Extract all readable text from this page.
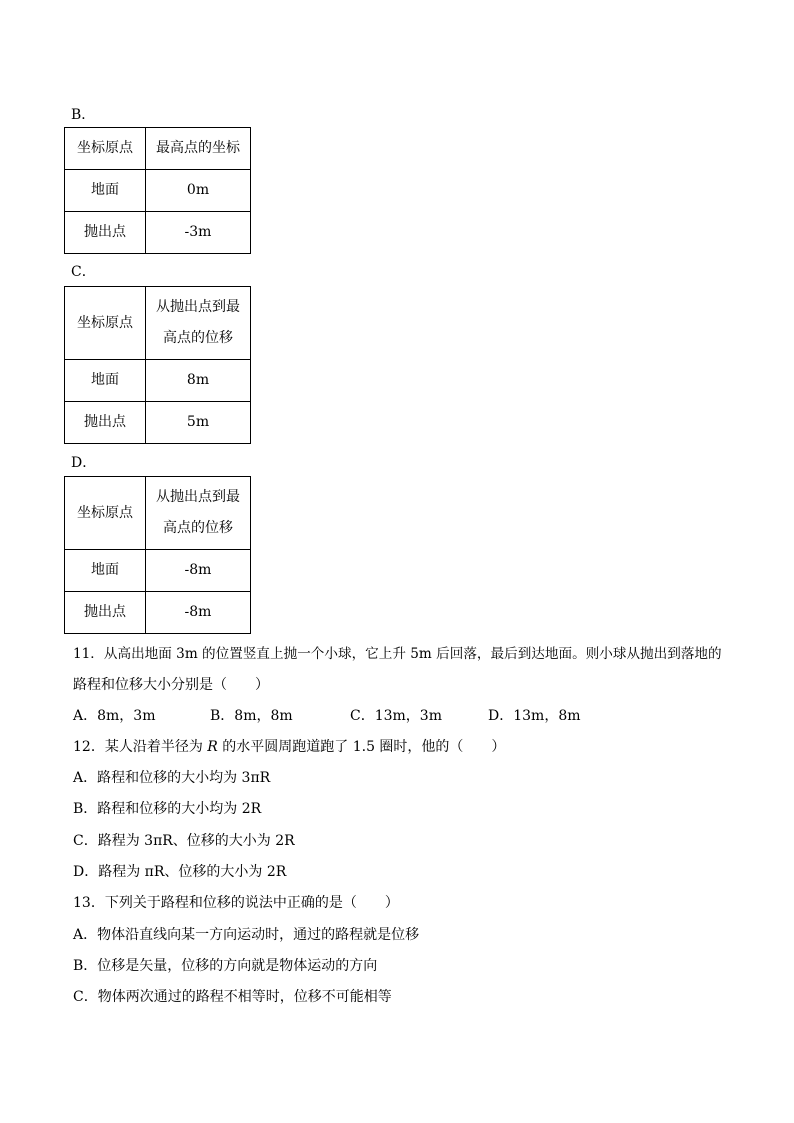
B．
坐标原点	最高点的坐标
地面	0m
抛出点	-3m
C．
坐标原点	从抛出点到最
高点的位移

地面	8m
抛出点	5m
D．
坐标原点	从抛出点到最
高点的位移

地面	-8m
抛出点	-8m
11．从高出地面 3m 的位置竖直上抛一个小球，它上升 5m 后回落，最后到达地面。则小球从抛出到落地的
路程和位移大小分别是（　　）
A．8m，3m	B．8m，8m	C．13m，3m	D．13m，8m
12．某人沿着半径为 R 的水平圆周跑道跑了 1.5 圈时，他的（　　）
A．路程和位移的大小均为 3πR
B．路程和位移的大小均为 2R
C．路程为 3πR、位移的大小为 2R
D．路程为 πR、位移的大小为 2R
13．下列关于路程和位移的说法中正确的是（　　）
A．物体沿直线向某一方向运动时，通过的路程就是位移
B．位移是矢量，位移的方向就是物体运动的方向
C．物体两次通过的路程不相等时，位移不可能相等
